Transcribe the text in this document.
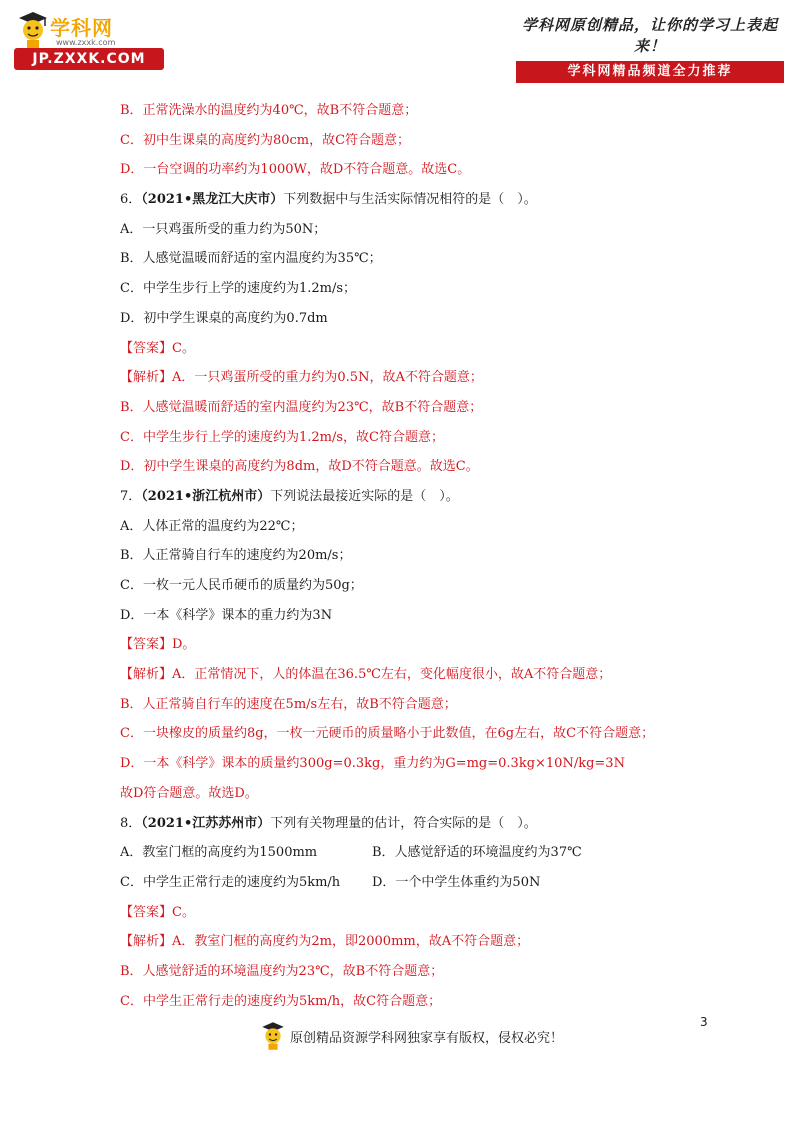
学科网
www.zxxk.com
JP.ZXXK.COM
学科网原创精品，让你的学习上表起来！
学科网精品频道全力推荐
B．正常洗澡水的温度约为40℃，故B不符合题意；
C．初中生课桌的高度约为80cm，故C符合题意；
D．一台空调的功率约为1000W，故D不符合题意。故选C。
6．（2021•黑龙江大庆市）下列数据中与生活实际情况相符的是（　）。
A．一只鸡蛋所受的重力约为50N；
B．人感觉温暖而舒适的室内温度约为35℃；
C．中学生步行上学的速度约为1.2m/s；
D．初中学生课桌的高度约为0.7dm
【答案】C。
【解析】A．一只鸡蛋所受的重力约为0.5N，故A不符合题意；
B．人感觉温暖而舒适的室内温度约为23℃，故B不符合题意；
C．中学生步行上学的速度约为1.2m/s，故C符合题意；
D．初中学生课桌的高度约为8dm，故D不符合题意。故选C。
7．（2021•浙江杭州市）下列说法最接近实际的是（　）。
A．人体正常的温度约为22℃；
B．人正常骑自行车的速度约为20m/s；
C．一枚一元人民币硬币的质量约为50g；
D．一本《科学》课本的重力约为3N
【答案】D。
【解析】A．正常情况下，人的体温在36.5℃左右，变化幅度很小，故A不符合题意；
B．人正常骑自行车的速度在5m/s左右，故B不符合题意；
C．一块橡皮的质量约8g，一枚一元硬币的质量略小于此数值，在6g左右，故C不符合题意；
D．一本《科学》课本的质量约300g=0.3kg，重力约为G=mg=0.3kg×10N/kg=3N
故D符合题意。故选D。
8．（2021•江苏苏州市）下列有关物理量的估计，符合实际的是（　）。
A．教室门框的高度约为1500mm	B．人感觉舒适的环境温度约为37℃
C．中学生正常行走的速度约为5km/h	D．一个中学生体重约为50N
【答案】C。
【解析】A．教室门框的高度约为2m，即2000mm，故A不符合题意；
B．人感觉舒适的环境温度约为23℃，故B不符合题意；
C．中学生正常行走的速度约为5km/h，故C符合题意；
3
原创精品资源学科网独家享有版权，侵权必究！
